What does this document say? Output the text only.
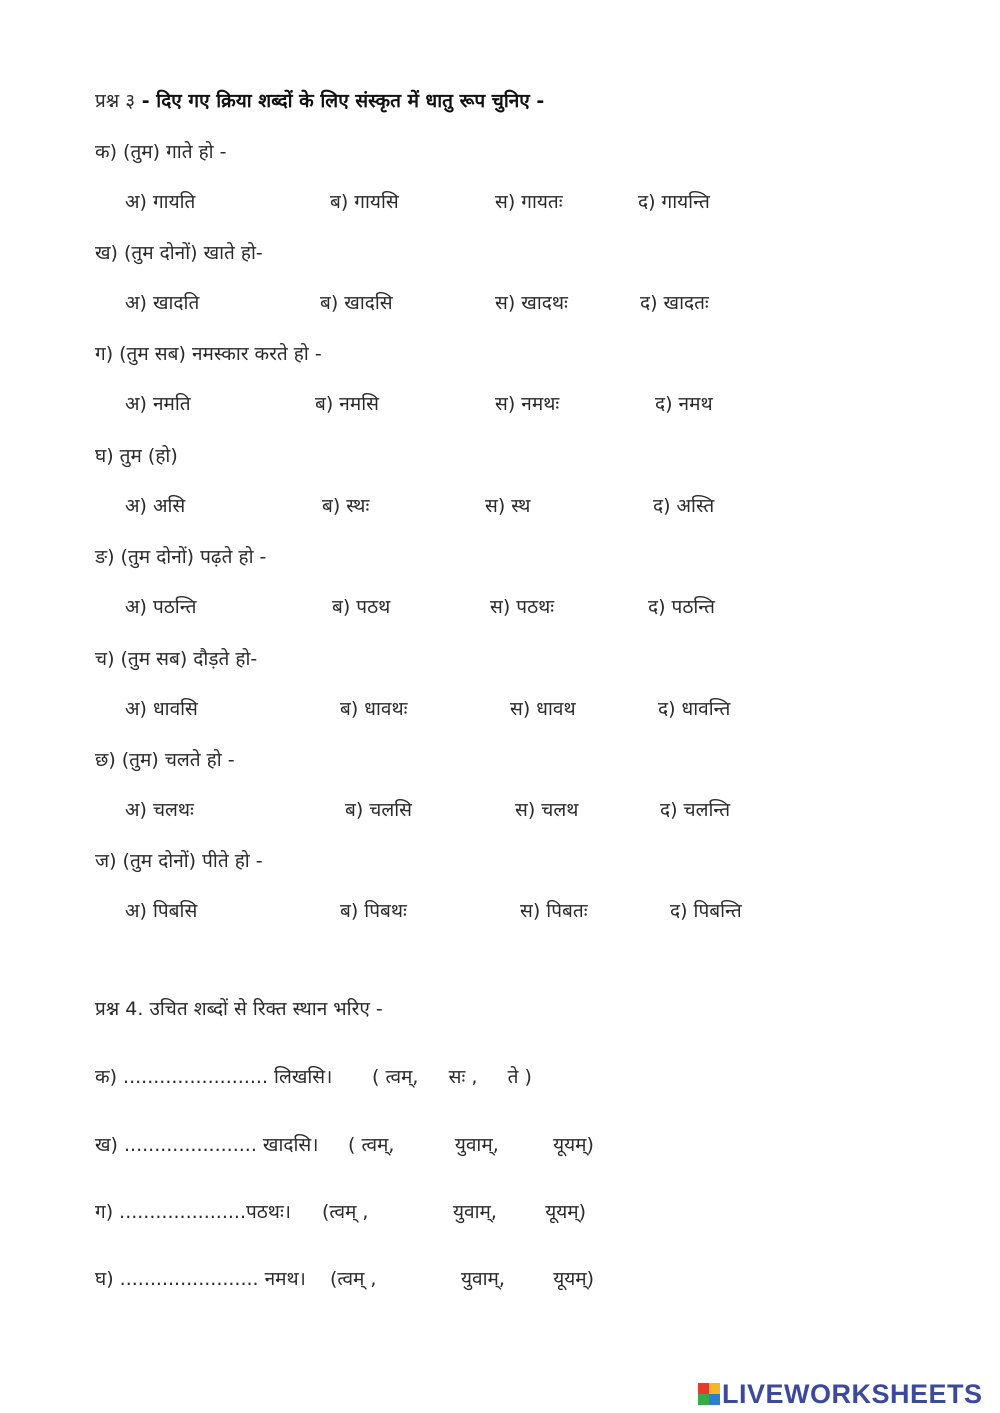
प्रश्न ३ - दिए गए क्रिया शब्दों के लिए संस्कृत में धातु रूप चुनिए -
क) (तुम) गाते हो -
अ) गायति	ब) गायसि	स) गायतः	द) गायन्ति
ख) (तुम दोनों) खाते हो-
अ) खादति	ब) खादसि	स) खादथः	द) खादतः
ग) (तुम सब) नमस्कार करते हो -
अ) नमति	ब) नमसि	स) नमथः	द) नमथ
घ) तुम (हो)
अ) असि	ब) स्थः	स) स्थ	द) अस्ति
ङ) (तुम दोनों) पढ़ते हो -
अ) पठन्ति	ब) पठथ	स) पठथः	द) पठन्ति
च) (तुम सब) दौड़ते हो-
अ) धावसि	ब) धावथः	स) धावथ	द) धावन्ति
छ) (तुम) चलते हो -
अ) चलथः	ब) चलसि	स) चलथ	द) चलन्ति
ज) (तुम दोनों) पीते हो -
अ) पिबसि	ब) पिबथः	स) पिबतः	द) पिबन्ति
प्रश्न 4. उचित शब्दों से रिक्त स्थान भरिए -
क) ........................ लिखसि। ( त्वम्,     सः ,     ते )
ख) ...................... खादसि। ( त्वम्,          युवाम्,         यूयम्)
ग) .....................पठथः। (त्वम् ,              युवाम्,        यूयम्)
घ) ....................... नमथ। (त्वम् ,              युवाम्,        यूयम्)
LIVEWORKSHEETS
